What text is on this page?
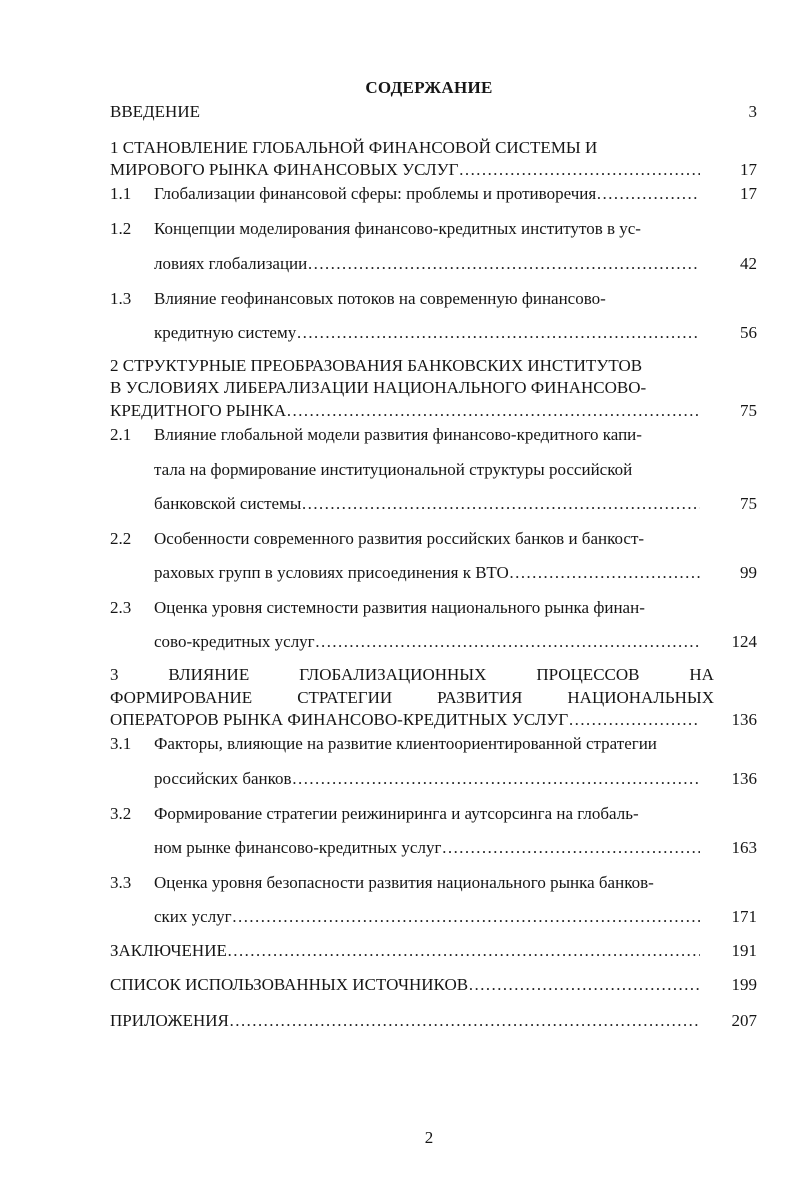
СОДЕРЖАНИЕ
ВВЕДЕНИЕ	3
1 СТАНОВЛЕНИЕ ГЛОБАЛЬНОЙ ФИНАНСОВОЙ СИСТЕМЫ И
МИРОВОГО РЫНКА ФИНАНСОВЫХ УСЛУГ ……………………………………………………………………………………………………………………………………………………………………	17
1.1 Глобализации финансовой сферы: проблемы и противоречия ……………………………………………………………………………………………………………………………………………………………………	17
1.2 Концепции моделирования финансово-кредитных институтов в ус-
ловиях глобализации ……………………………………………………………………………………………………………………………………………………………………	42
1.3 Влияние геофинансовых потоков на современную финансово-
кредитную систему ……………………………………………………………………………………………………………………………………………………………………	56
2 СТРУКТУРНЫЕ ПРЕОБРАЗОВАНИЯ БАНКОВСКИХ ИНСТИТУТОВ
В УСЛОВИЯХ ЛИБЕРАЛИЗАЦИИ НАЦИОНАЛЬНОГО ФИНАНСОВО-
КРЕДИТНОГО РЫНКА ……………………………………………………………………………………………………………………………………………………………………	75
2.1 Влияние глобальной модели развития финансово-кредитного капи-
тала на формирование институциональной структуры российской
банковской системы ……………………………………………………………………………………………………………………………………………………………………	75
2.2 Особенности современного развития российских банков и банкост-
раховых групп в условиях присоединения к ВТО ……………………………………………………………………………………………………………………………………………………………………	99
2.3 Оценка уровня системности развития национального рынка финан-
сово-кредитных услуг ……………………………………………………………………………………………………………………………………………………………………	124
3	ВЛИЯНИЕ	ГЛОБАЛИЗАЦИОННЫХ	ПРОЦЕССОВ	НА
ФОРМИРОВАНИЕ	СТРАТЕГИИ	РАЗВИТИЯ	НАЦИОНАЛЬНЫХ
ОПЕРАТОРОВ РЫНКА ФИНАНСОВО-КРЕДИТНЫХ УСЛУГ ……………………………………………………………………………………………………………………………………………………………………	136
3.1 Факторы, влияющие на развитие клиентоориентированной стратегии
российских банков ……………………………………………………………………………………………………………………………………………………………………	136
3.2 Формирование стратегии реижиниринга и аутсорсинга на глобаль-
ном рынке финансово-кредитных услуг ……………………………………………………………………………………………………………………………………………………………………	163
3.3 Оценка уровня безопасности развития национального рынка банков-
ских услуг ……………………………………………………………………………………………………………………………………………………………………	171
ЗАКЛЮЧЕНИЕ ……………………………………………………………………………………………………………………………………………………………………	191
СПИСОК ИСПОЛЬЗОВАННЫХ ИСТОЧНИКОВ ……………………………………………………………………………………………………………………………………………………………………	199
ПРИЛОЖЕНИЯ ……………………………………………………………………………………………………………………………………………………………………	207
2
